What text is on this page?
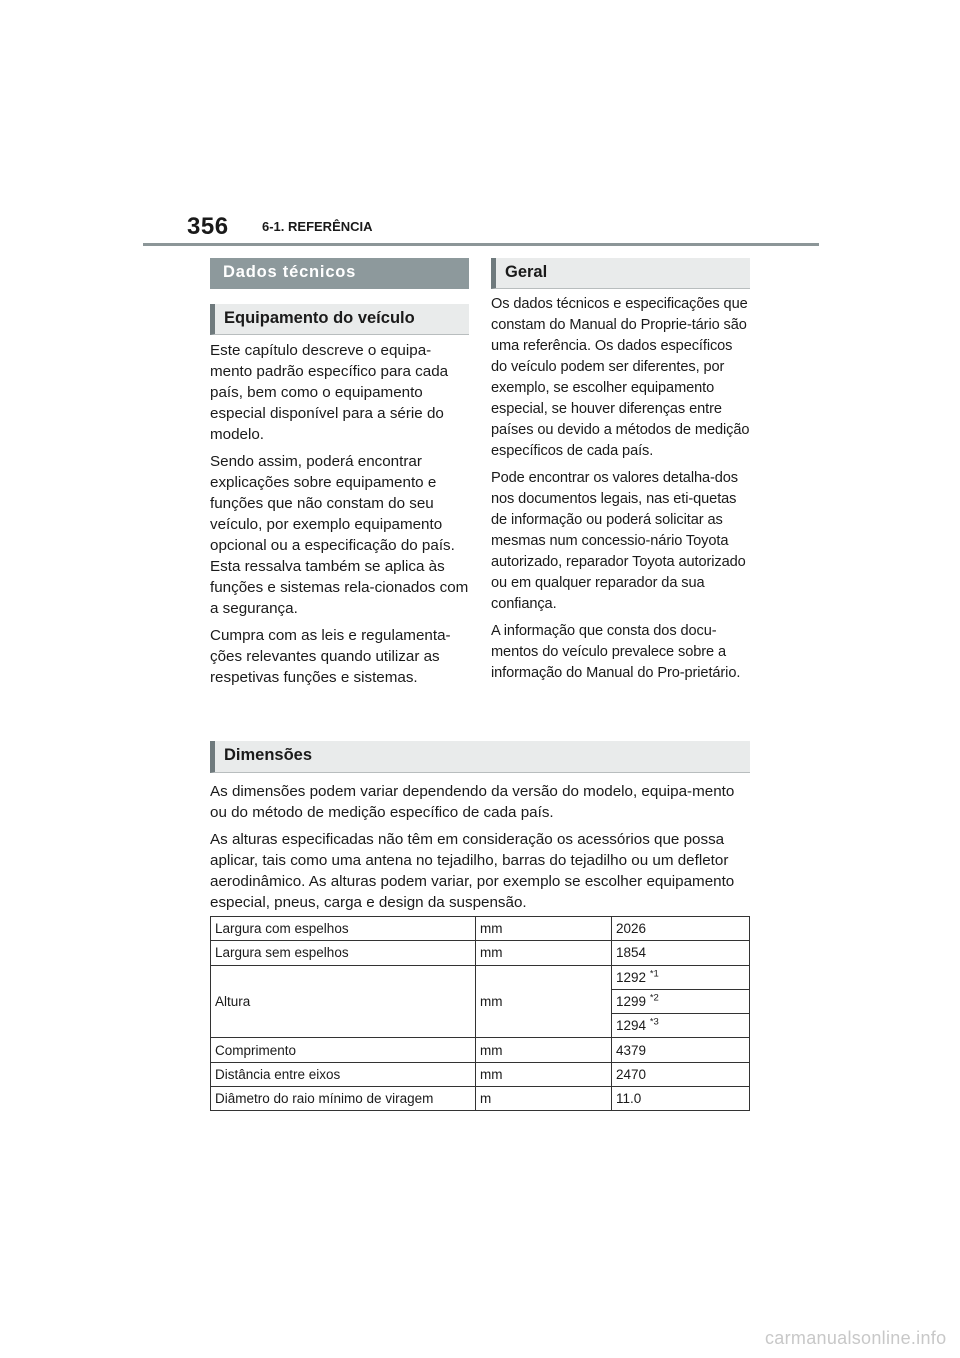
356	6-1. REFERÊNCIA
Dados técnicos
Equipamento do veículo

Este capítulo descreve o equipa-mento padrão específico para cada país, bem como o equipamento especial disponível para a série do modelo.

Sendo assim, poderá encontrar explicações sobre equipamento e funções que não constam do seu veículo, por exemplo equipamento opcional ou a especificação do país. Esta ressalva também se aplica às funções e sistemas rela-cionados com a segurança.

Cumpra com as leis e regulamenta-ções relevantes quando utilizar as respetivas funções e sistemas.

Geral

Os dados técnicos e especificações que constam do Manual do Proprie-tário são uma referência. Os dados específicos do veículo podem ser diferentes, por exemplo, se escolher equipamento especial, se houver diferenças entre países ou devido a métodos de medição específicos de cada país.

Pode encontrar os valores detalha-dos nos documentos legais, nas eti-quetas de informação ou poderá solicitar as mesmas num concessio-nário Toyota autorizado, reparador Toyota autorizado ou em qualquer reparador da sua confiança.

A informação que consta dos docu-mentos do veículo prevalece sobre a informação do Manual do Pro-prietário.

Dimensões

As dimensões podem variar dependendo da versão do modelo, equipa-mento ou do método de medição específico de cada país.

As alturas especificadas não têm em consideração os acessórios que possa aplicar, tais como uma antena no tejadilho, barras do tejadilho ou um defletor aerodinâmico. As alturas podem variar, por exemplo se escolher equipamento especial, pneus, carga e design da suspensão.

Largura com espelhos	mm	2026
Largura sem espelhos	mm	1854
Altura	mm	1292 $^{*1}$
		1299 $^{*2}$
		1294 $^{*3}$
Comprimento	mm	4379
Distância entre eixos	mm	2470
Diâmetro do raio mínimo de viragem	m	11.0
carmanualsonline.info
